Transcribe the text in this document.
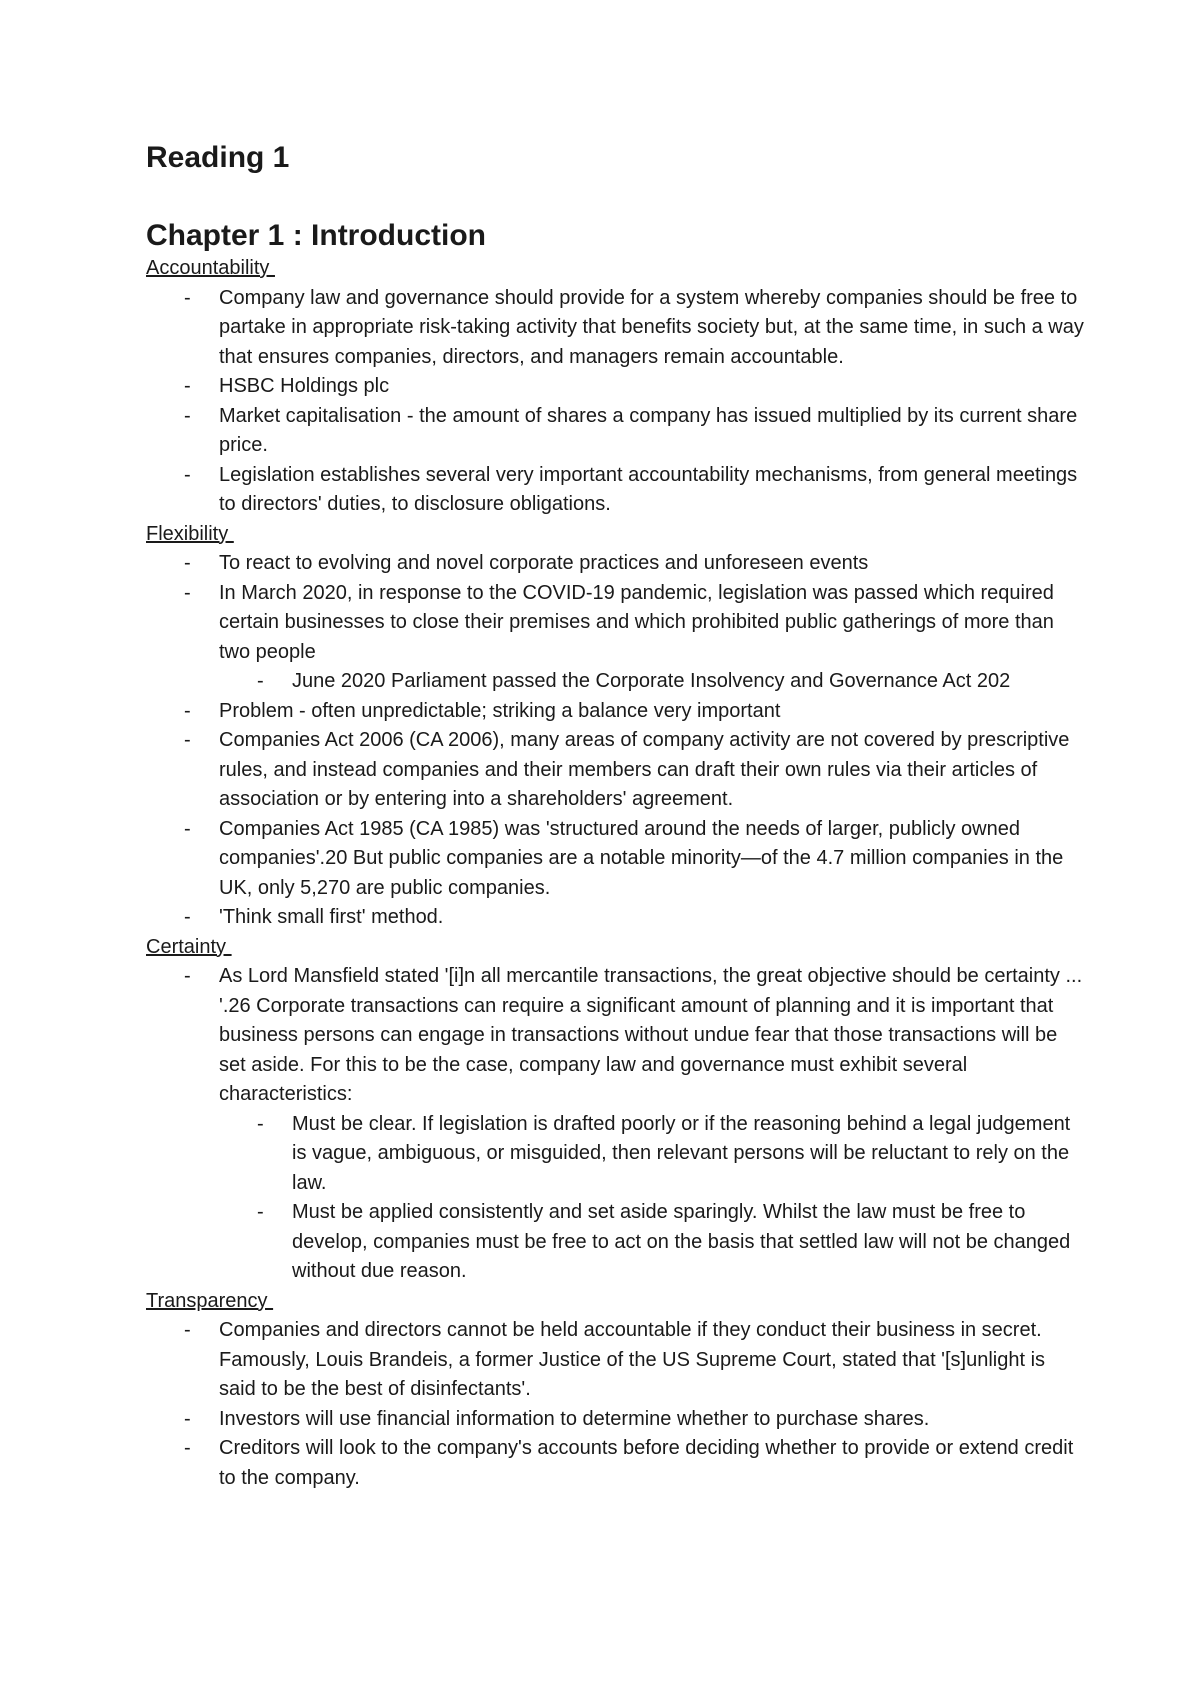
Reading 1
Chapter 1 : Introduction
Accountability
- Company law and governance should provide for a system whereby companies should be free to partake in appropriate risk-taking activity that benefits society but, at the same time, in such a way that ensures companies, directors, and managers remain accountable.
- HSBC Holdings plc
- Market capitalisation - the amount of shares a company has issued multiplied by its current share price.
- Legislation establishes several very important accountability mechanisms, from general meetings to directors' duties, to disclosure obligations.
Flexibility
- To react to evolving and novel corporate practices and unforeseen events
- In March 2020, in response to the COVID-19 pandemic, legislation was passed which required certain businesses to close their premises and which prohibited public gatherings of more than two people
- June 2020 Parliament passed the Corporate Insolvency and Governance Act 202
- Problem - often unpredictable; striking a balance very important
- Companies Act 2006 (CA 2006), many areas of company activity are not covered by prescriptive rules, and instead companies and their members can draft their own rules via their articles of association or by entering into a shareholders' agreement.
- Companies Act 1985 (CA 1985) was 'structured around the needs of larger, publicly owned companies'.20 But public companies are a notable minority—of the 4.7 million companies in the UK, only 5,270 are public companies.
- 'Think small first' method.
Certainty
- As Lord Mansfield stated '[i]n all mercantile transactions, the great objective should be certainty ... '.26 Corporate transactions can require a significant amount of planning and it is important that business persons can engage in transactions without undue fear that those transactions will be set aside. For this to be the case, company law and governance must exhibit several characteristics:
- Must be clear. If legislation is drafted poorly or if the reasoning behind a legal judgement is vague, ambiguous, or misguided, then relevant persons will be reluctant to rely on the law.
- Must be applied consistently and set aside sparingly. Whilst the law must be free to develop, companies must be free to act on the basis that settled law will not be changed without due reason.
Transparency
- Companies and directors cannot be held accountable if they conduct their business in secret. Famously, Louis Brandeis, a former Justice of the US Supreme Court, stated that '[s]unlight is said to be the best of disinfectants'.
- Investors will use financial information to determine whether to purchase shares.
- Creditors will look to the company's accounts before deciding whether to provide or extend credit to the company.
